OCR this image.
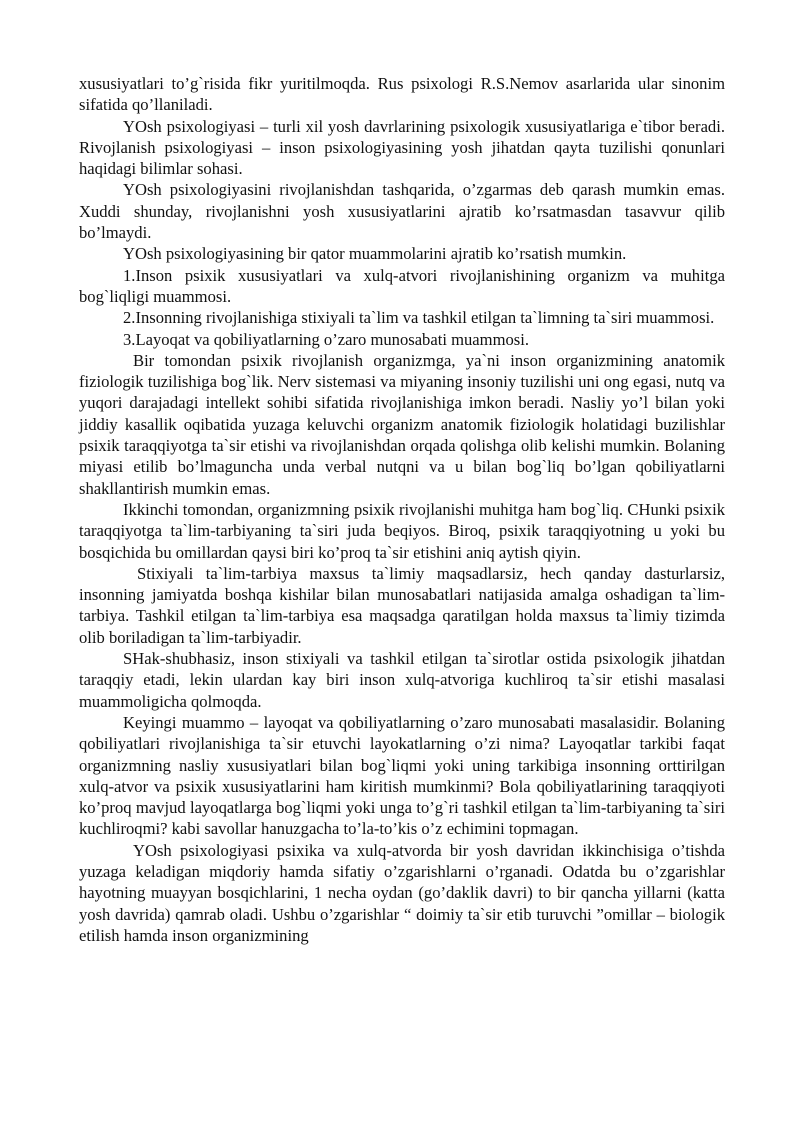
xususiyatlari to’g`risida fikr yuritilmoqda. Rus psixologi R.S.Nemov asarlarida ular sinonim sifatida qo’llaniladi.

YOsh psixologiyasi – turli xil yosh davrlarining psixologik xususiyatlariga e`tibor beradi. Rivojlanish psixologiyasi – inson psixologiyasining yosh jihatdan qayta tuzilishi qonunlari haqidagi bilimlar sohasi.

YOsh psixologiyasini rivojlanishdan tashqarida, o’zgarmas deb qarash mumkin emas. Xuddi shunday, rivojlanishni yosh xususiyatlarini ajratib ko’rsatmasdan tasavvur qilib bo’lmaydi.

YOsh psixologiyasining bir qator muammolarini ajratib ko’rsatish mumkin.

1.Inson psixik xususiyatlari va xulq-atvori rivojlanishining organizm va muhitga bog`liqligi muammosi.

2.Insonning rivojlanishiga stixiyali ta`lim va tashkil etilgan ta`limning ta`siri muammosi.

3.Layoqat va qobiliyatlarning o’zaro munosabati muammosi.

Bir tomondan psixik rivojlanish organizmga, ya`ni inson organizmining anatomik fiziologik tuzilishiga bog`lik. Nerv sistemasi va miyaning insoniy tuzilishi uni ong egasi, nutq va yuqori darajadagi intellekt sohibi sifatida rivojlanishiga imkon beradi. Nasliy yo’l bilan yoki jiddiy kasallik oqibatida yuzaga keluvchi organizm anatomik fiziologik holatidagi buzilishlar psixik taraqqiyotga ta`sir etishi va rivojlanishdan orqada qolishga olib kelishi mumkin. Bolaning miyasi etilib bo’lmaguncha unda verbal nutqni va u bilan bog`liq bo’lgan qobiliyatlarni shakllantirish mumkin emas.

Ikkinchi tomondan, organizmning psixik rivojlanishi muhitga ham bog`liq. CHunki psixik taraqqiyotga ta`lim-tarbiyaning ta`siri juda beqiyos. Biroq, psixik taraqqiyotning u yoki bu bosqichida bu omillardan qaysi biri ko’proq ta`sir etishini aniq aytish qiyin.

Stixiyali ta`lim-tarbiya maxsus ta`limiy maqsadlarsiz, hech qanday dasturlarsiz, insonning jamiyatda boshqa kishilar bilan munosabatlari natijasida amalga oshadigan ta`lim-tarbiya. Tashkil etilgan ta`lim-tarbiya esa maqsadga qaratilgan holda maxsus ta`limiy tizimda olib boriladigan ta`lim-tarbiyadir.

SHak-shubhasiz, inson stixiyali va tashkil etilgan ta`sirotlar ostida psixologik jihatdan taraqqiy etadi, lekin ulardan kay biri inson xulq-atvoriga kuchliroq ta`sir etishi masalasi muammoligicha qolmoqda.

Keyingi muammo – layoqat va qobiliyatlarning o’zaro munosabati masalasidir. Bolaning qobiliyatlari rivojlanishiga ta`sir etuvchi layokatlarning o’zi nima? Layoqatlar tarkibi faqat organizmning nasliy xususiyatlari bilan bog`liqmi yoki uning tarkibiga insonning orttirilgan xulq-atvor va psixik xususiyatlarini ham kiritish mumkinmi? Bola qobiliyatlarining taraqqiyoti ko’proq mavjud layoqatlarga bog`liqmi yoki unga to’g`ri tashkil etilgan ta`lim-tarbiyaning ta`siri kuchliroqmi? kabi savollar hanuzgacha to’la-to’kis o’z echimini topmagan.

YOsh psixologiyasi psixika va xulq-atvorda bir yosh davridan ikkinchisiga o’tishda yuzaga keladigan miqdoriy hamda sifatiy o’zgarishlarni o’rganadi. Odatda bu o’zgarishlar hayotning muayyan bosqichlarini, 1 necha oydan (go’daklik davri) to bir qancha yillarni (katta yosh davrida) qamrab oladi. Ushbu o’zgarishlar “ doimiy ta`sir etib turuvchi ”omillar – biologik etilish hamda inson organizmining
